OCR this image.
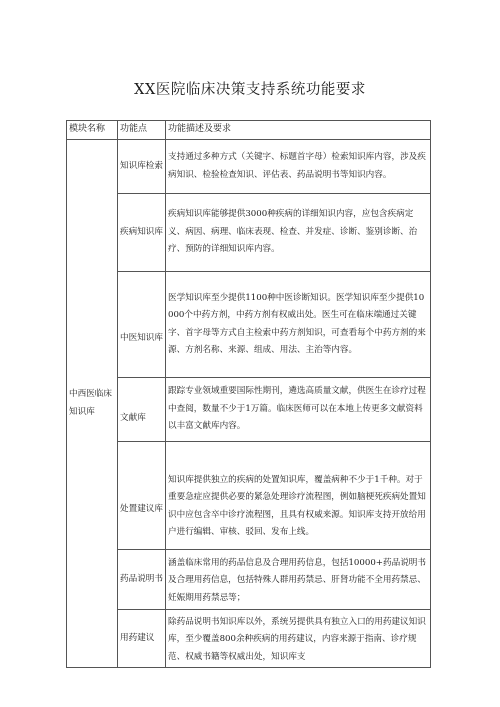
XX医院临床决策支持系统功能要求
模块名称	功能点	功能描述及要求
中西医临床知识库	知识库检索	支持通过多种方式（关键字、标题首字母）检索知识库内容，涉及疾病知识、检验检查知识、评估表、药品说明书等知识内容。
	疾病知识库	疾病知识库能够提供3000种疾病的详细知识内容，应包含疾病定义、病因、病理、临床表现、检查、并发症、诊断、鉴别诊断、治疗、预防的详细知识库内容。
	中医知识库	医学知识库至少提供1100种中医诊断知识。医学知识库至少提供10000个中药方剂，中药方剂有权威出处。医生可在临床端通过关键字、首字母等方式自主检索中药方剂知识，可查看每个中药方剂的来源、方剂名称、来源、组成、用法、主治等内容。
	文献库	跟踪专业领域重要国际性期刊，遴选高质量文献，供医生在诊疗过程中查阅，数量不少于1万篇。临床医师可以在本地上传更多文献资料以丰富文献库内容。
	处置建议库	知识库提供独立的疾病的处置知识库，覆盖病种不少于1千种。对于重要急症应提供必要的紧急处理诊疗流程图，例如脑梗死疾病处置知识中应包含卒中诊疗流程图，且具有权威来源。知识库支持开放给用户进行编辑、审核、驳回、发布上线。
	药品说明书	涵盖临床常用的药品信息及合理用药信息，包括10000+药品说明书及合理用药信息，包括特殊人群用药禁忌、肝肾功能不全用药禁忌、妊娠期用药禁忌等；
	用药建议	除药品说明书知识库以外，系统另提供具有独立入口的用药建议知识库，至少覆盖800余种疾病的用药建议，内容来源于指南、诊疗规范、权威书籍等权威出处，知识库支
